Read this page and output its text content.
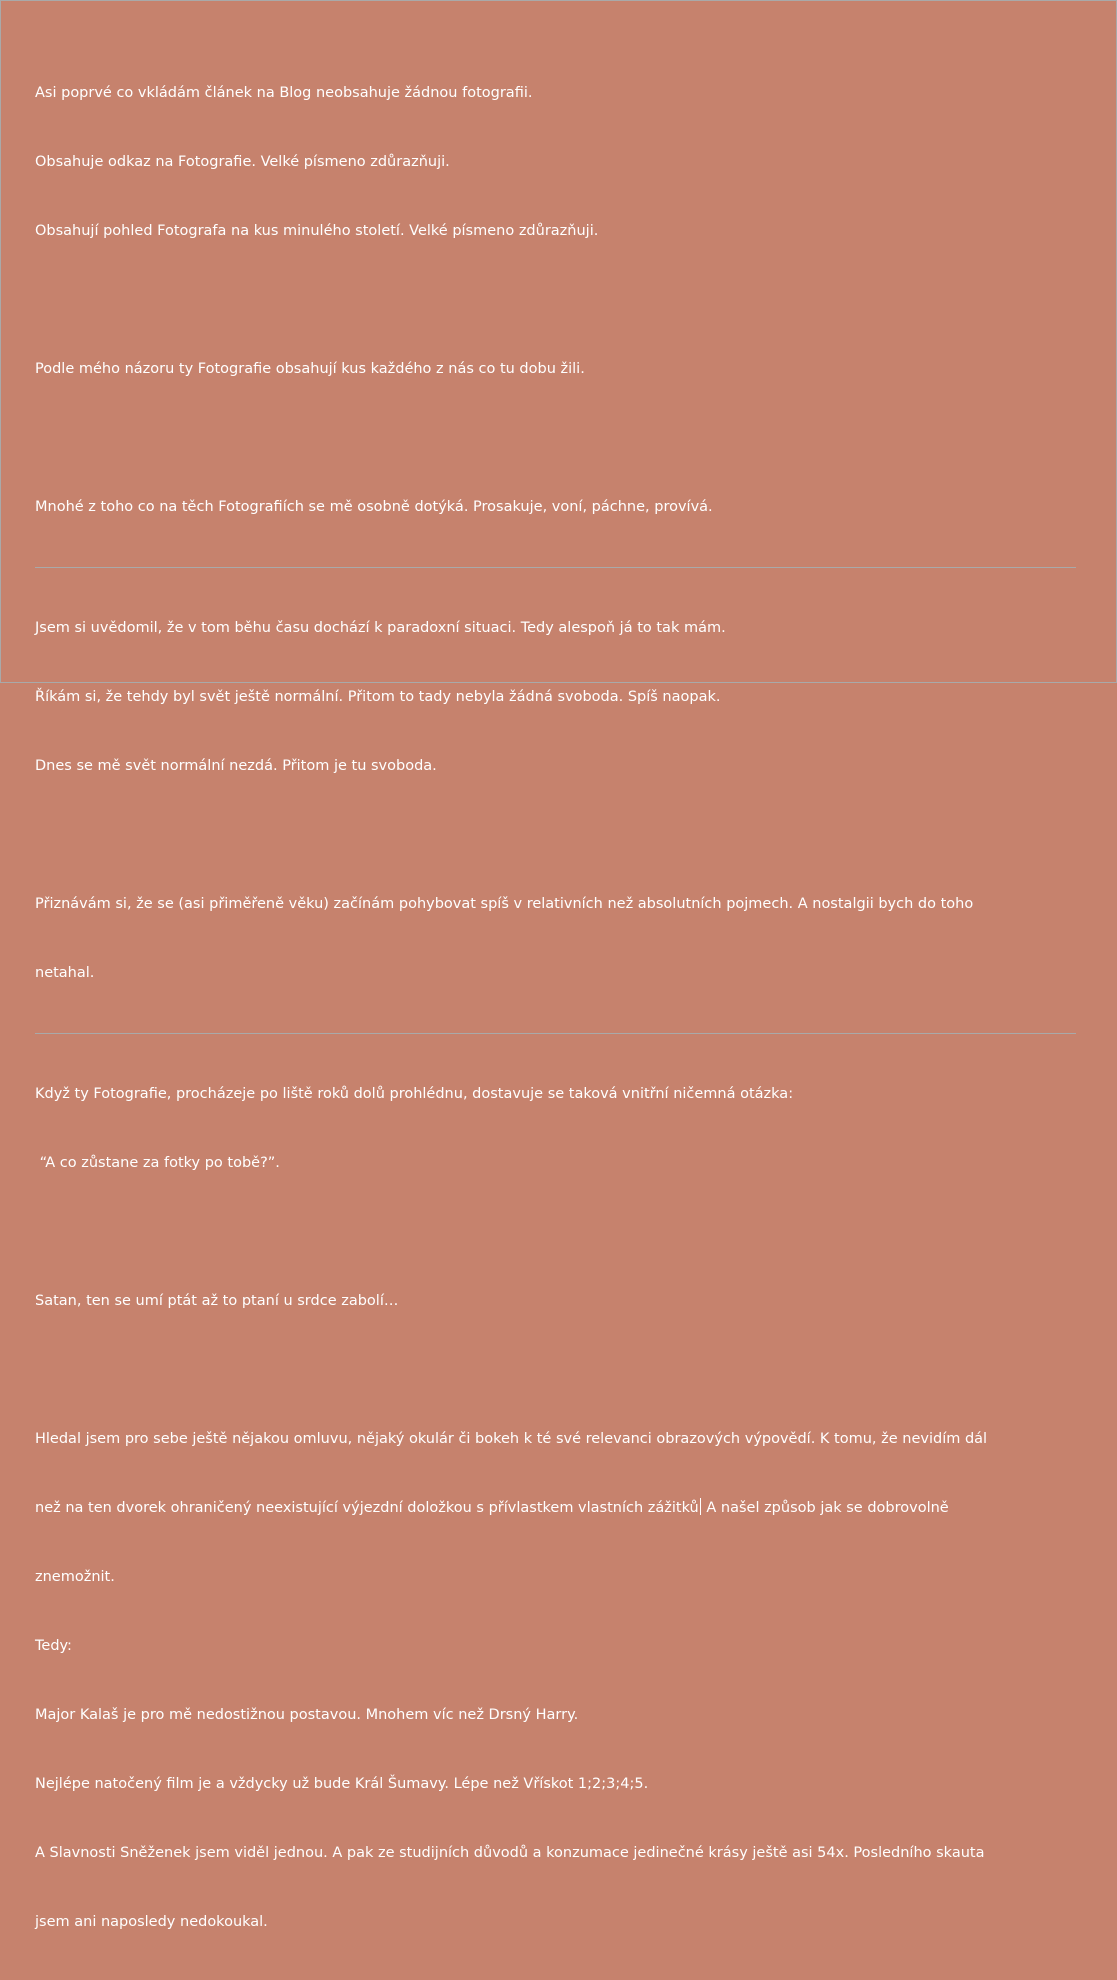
Asi poprvé co vkládám článek na Blog neobsahuje žádnou fotografii.

Obsahuje odkaz na Fotografie. Velké písmeno zdůrazňuji.

Obsahují pohled Fotografa na kus minulého století. Velké písmeno zdůrazňuji.

Podle mého názoru ty Fotografie obsahují kus každého z nás co tu dobu žili.

Mnohé z toho co na těch Fotografiích se mě osobně dotýká. Prosakuje, voní, páchne, provívá.

Jsem si uvědomil, že v tom běhu času dochází k paradoxní situaci. Tedy alespoň já to tak mám.

Říkám si, že tehdy byl svět ještě normální. Přitom to tady nebyla žádná svoboda. Spíš naopak.

Dnes se mě svět normální nezdá. Přitom je tu svoboda.

Přiznávám si, že se (asi přiměřeně věku) začínám pohybovat spíš v relativních než absolutních pojmech. A nostalgii bych do toho

netahal.

Když ty Fotografie, procházeje po liště roků dolů prohlédnu, dostavuje se taková vnitřní ničemná otázka:

“A co zůstane za fotky po tobě?”.

Satan, ten se umí ptát až to ptaní u srdce zabolí…

Hledal jsem pro sebe ještě nějakou omluvu, nějaký okulár či bokeh k té své relevanci obrazových výpovědí. K tomu, že nevidím dál

než na ten dvorek ohraničený neexistující výjezdní doložkou s přívlastkem vlastních zážitků A našel způsob jak se dobrovolně

znemožnit.

Tedy:

Major Kalaš je pro mě nedostižnou postavou. Mnohem víc než Drsný Harry.

Nejlépe natočený film je a vždycky už bude Král Šumavy. Lépe než Vřískot 1;2;3;4;5.

A Slavnosti Sněženek jsem viděl jednou. A pak ze studijních důvodů a konzumace jedinečné krásy ještě asi 54x. Posledního skauta

jsem ani naposledy nedokoukal.
